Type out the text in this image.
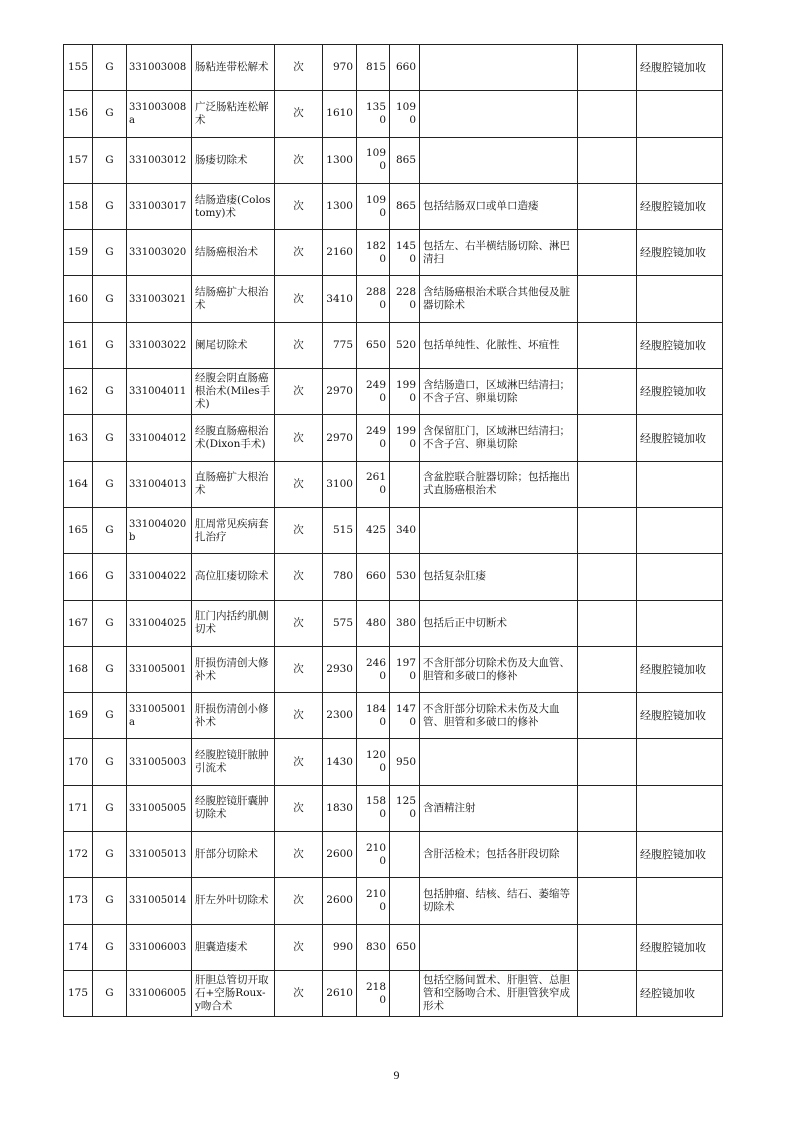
155	G	331003008	肠粘连带松解术	次	970	815	660			经腹腔镜加收
156	G	331003008a	广泛肠粘连松解术	次	1610	1350	1090			
157	G	331003012	肠瘘切除术	次	1300	1090	865			
158	G	331003017	结肠造瘘(Colostomy)术	次	1300	1090	865	包括结肠双口或单口造瘘		经腹腔镜加收
159	G	331003020	结肠癌根治术	次	2160	1820	1450	包括左、右半横结肠切除、淋巴清扫		经腹腔镜加收
160	G	331003021	结肠癌扩大根治术	次	3410	2880	2280	含结肠癌根治术联合其他侵及脏器切除术		
161	G	331003022	阑尾切除术	次	775	650	520	包括单纯性、化脓性、坏疽性		经腹腔镜加收
162	G	331004011	经腹会阴直肠癌根治术(Miles手术)	次	2970	2490	1990	含结肠造口，区域淋巴结清扫；不含子宫、卵巢切除		经腹腔镜加收
163	G	331004012	经腹直肠癌根治术(Dixon手术)	次	2970	2490	1990	含保留肛门，区域淋巴结清扫；不含子宫、卵巢切除		经腹腔镜加收
164	G	331004013	直肠癌扩大根治术	次	3100	2610		含盆腔联合脏器切除；包括拖出式直肠癌根治术		
165	G	331004020b	肛周常见疾病套扎治疗	次	515	425	340			
166	G	331004022	高位肛瘘切除术	次	780	660	530	包括复杂肛瘘		
167	G	331004025	肛门内括约肌侧切术	次	575	480	380	包括后正中切断术		
168	G	331005001	肝损伤清创大修补术	次	2930	2460	1970	不含肝部分切除术伤及大血管、胆管和多破口的修补		经腹腔镜加收
169	G	331005001a	肝损伤清创小修补术	次	2300	1840	1470	不含肝部分切除术未伤及大血管、胆管和多破口的修补		经腹腔镜加收
170	G	331005003	经腹腔镜肝脓肿引流术	次	1430	1200	950			
171	G	331005005	经腹腔镜肝囊肿切除术	次	1830	1580	1250	含酒精注射		
172	G	331005013	肝部分切除术	次	2600	2100		含肝活检术；包括各肝段切除		经腹腔镜加收
173	G	331005014	肝左外叶切除术	次	2600	2100		包括肿瘤、结核、结石、萎缩等切除术		
174	G	331006003	胆囊造瘘术	次	990	830	650			经腹腔镜加收
175	G	331006005	肝胆总管切开取石+空肠Roux-y吻合术	次	2610	2180		包括空肠间置术、肝胆管、总胆管和空肠吻合术、肝胆管狭窄成形术		经腔镜加收
9
